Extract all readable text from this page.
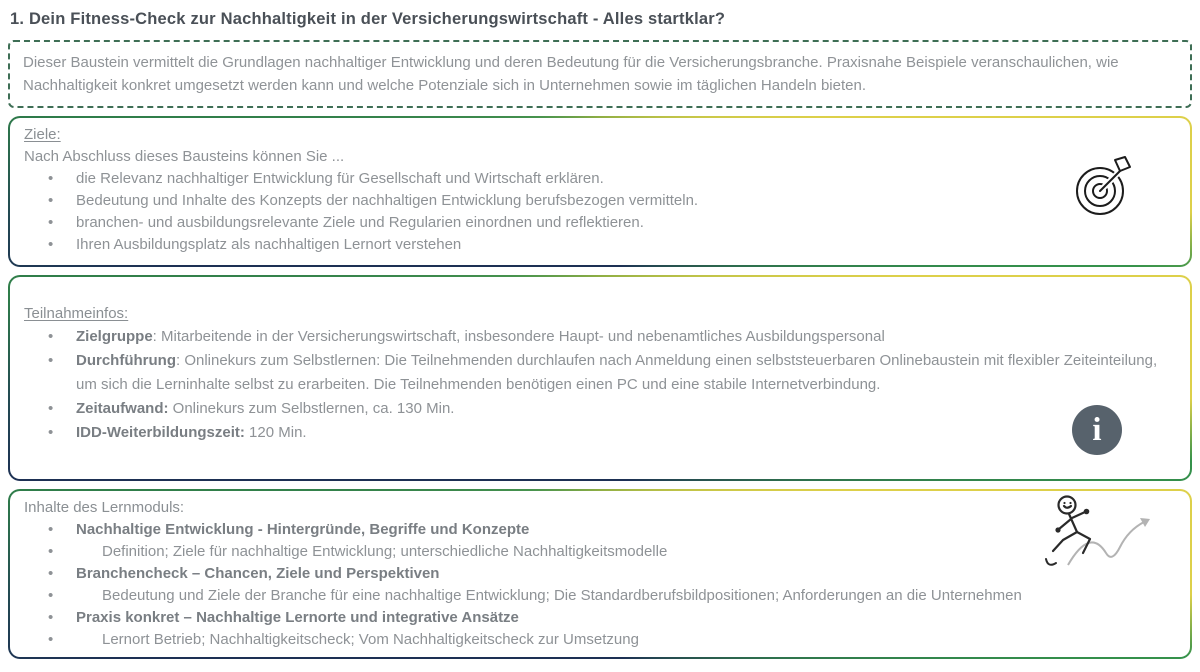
1. Dein Fitness-Check zur Nachhaltigkeit in der Versicherungswirtschaft - Alles startklar?
Dieser Baustein vermittelt die Grundlagen nachhaltiger Entwicklung und deren Bedeutung für die Versicherungsbranche. Praxisnahe Beispiele veranschaulichen, wie Nachhaltigkeit konkret umgesetzt werden kann und welche Potenziale sich in Unternehmen sowie im täglichen Handeln bieten.
Ziele:
Nach Abschluss dieses Bausteins können Sie ...
• die Relevanz nachhaltiger Entwicklung für Gesellschaft und Wirtschaft erklären.
• Bedeutung und Inhalte des Konzepts der nachhaltigen Entwicklung berufsbezogen vermitteln.
• branchen- und ausbildungsrelevante Ziele und Regularien einordnen und reflektieren.
• Ihren Ausbildungsplatz als nachhaltigen Lernort verstehen
Teilnahmeinfos:
• Zielgruppe: Mitarbeitende in der Versicherungswirtschaft, insbesondere Haupt- und nebenamtliches Ausbildungspersonal
• Durchführung: Onlinekurs zum Selbstlernen: Die Teilnehmenden durchlaufen nach Anmeldung einen selbststeuerbaren Onlinebaustein mit flexibler Zeiteinteilung, um sich die Lerninhalte selbst zu erarbeiten. Die Teilnehmenden benötigen einen PC und eine stabile Internetverbindung.
• Zeitaufwand: Onlinekurs zum Selbstlernen, ca. 130 Min.
• IDD-Weiterbildungszeit: 120 Min.	i
Inhalte des Lernmoduls:
• Nachhaltige Entwicklung - Hintergründe, Begriffe und Konzepte
• Definition; Ziele für nachhaltige Entwicklung; unterschiedliche Nachhaltigkeitsmodelle
• Branchencheck – Chancen, Ziele und Perspektiven
• Bedeutung und Ziele der Branche für eine nachhaltige Entwicklung; Die Standardberufsbildpositionen; Anforderungen an die Unternehmen
• Praxis konkret – Nachhaltige Lernorte und integrative Ansätze
• Lernort Betrieb; Nachhaltigkeitscheck; Vom Nachhaltigkeitscheck zur Umsetzung
